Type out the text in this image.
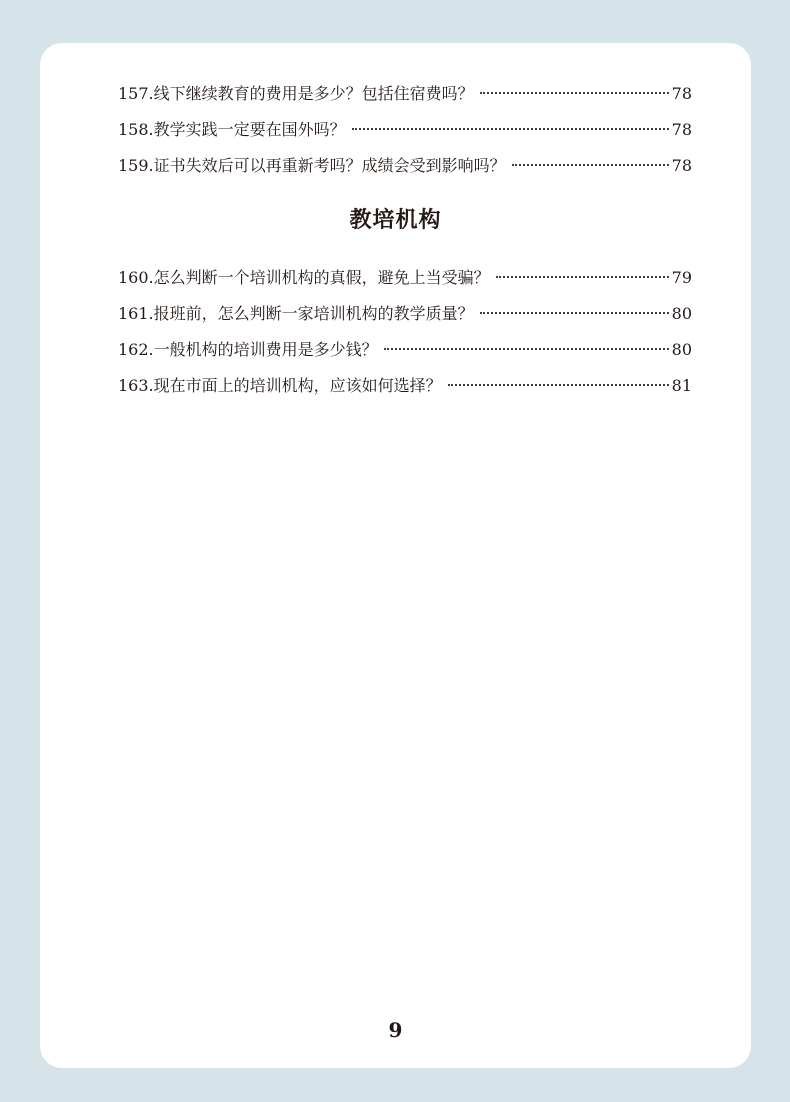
157. 线下继续教育的费用是多少？包括住宿费吗？	78
158. 教学实践一定要在国外吗？	78
159. 证书失效后可以再重新考吗？成绩会受到影响吗？	78
教培机构
160. 怎么判断一个培训机构的真假，避免上当受骗？	79
161. 报班前，怎么判断一家培训机构的教学质量？	80
162. 一般机构的培训费用是多少钱？	80
163. 现在市面上的培训机构，应该如何选择？	81
9
